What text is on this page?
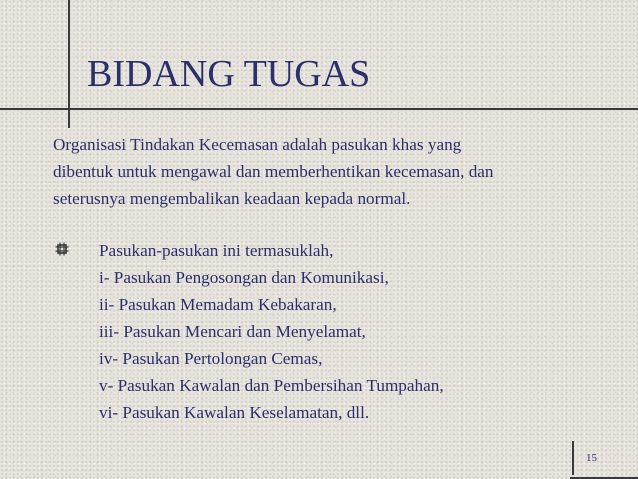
BIDANG TUGAS

Organisasi Tindakan Kecemasan adalah pasukan khas yang
dibentuk untuk mengawal dan memberhentikan kecemasan, dan
seterusnya mengembalikan keadaan kepada normal.

Pasukan-pasukan ini termasuklah,
i- Pasukan Pengosongan dan Komunikasi,
ii- Pasukan Memadam Kebakaran,
iii- Pasukan Mencari dan Menyelamat,
iv- Pasukan Pertolongan Cemas,
v- Pasukan Kawalan dan Pembersihan Tumpahan,
vi- Pasukan Kawalan Keselamatan, dll.
15
